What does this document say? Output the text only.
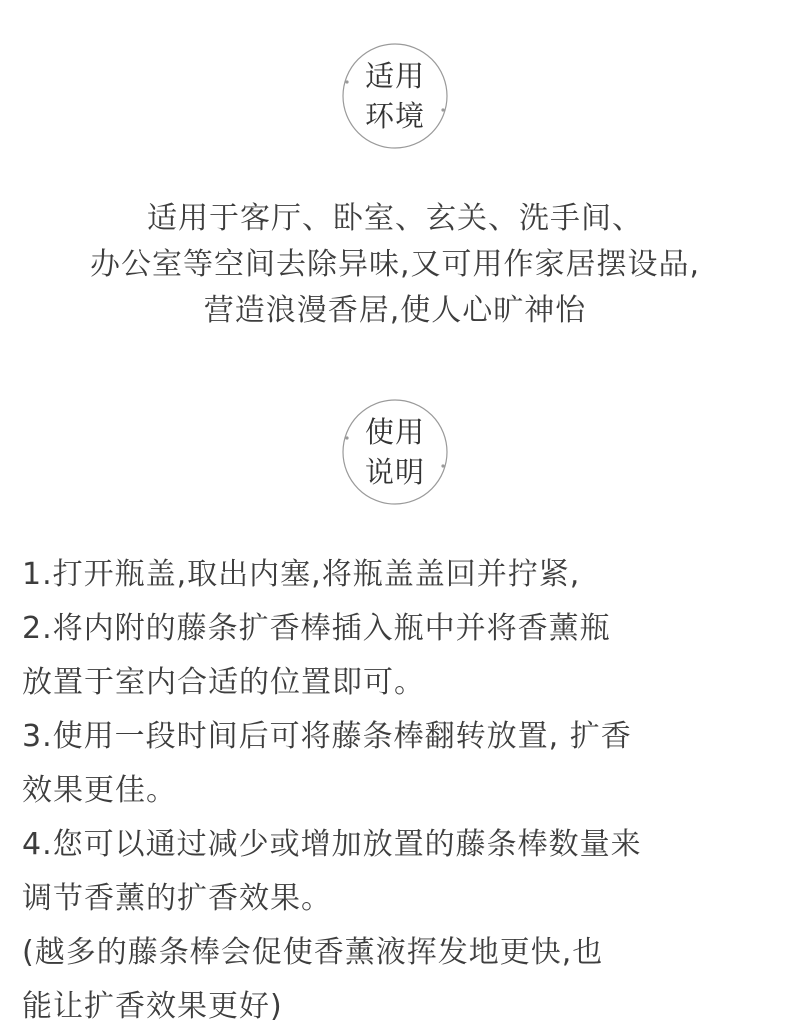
适用
环境
适用于客厅、卧室、玄关、洗手间、
办公室等空间去除异味,又可用作家居摆设品,
营造浪漫香居,使人心旷神怡
使用
说明
1.打开瓶盖,取出内塞,将瓶盖盖回并拧紧,
2.将内附的藤条扩香棒插入瓶中并将香薰瓶
放置于室内合适的位置即可。
3.使用一段时间后可将藤条棒翻转放置, 扩香
效果更佳。
4.您可以通过减少或增加放置的藤条棒数量来
调节香薰的扩香效果。
(越多的藤条棒会促使香薰液挥发地更快,也
能让扩香效果更好)
